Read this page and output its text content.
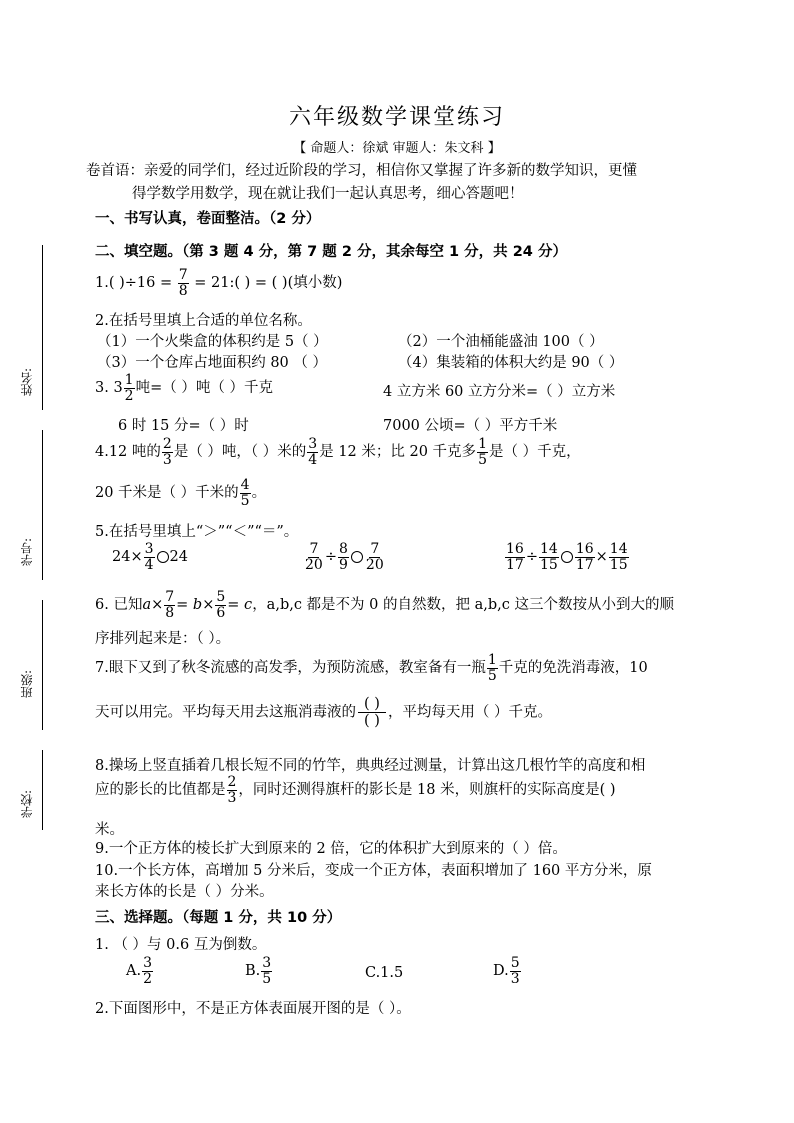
姓名:
学号:
班级:
学校:
六年级数学课堂练习
【 命题人：徐斌 审题人：朱文科 】
卷首语：亲爱的同学们，经过近阶段的学习，相信你又掌握了许多新的数学知识，更懂
得学数学用数学，现在就让我们一起认真思考，细心答题吧！
一、书写认真，卷面整洁。（2 分）
二、填空题。（第 3 题 4 分，第 7 题 2 分，其余每空 1 分，共 24 分）
1.( )$\div 16 = \frac{7}{8}$ = 21:( ) = ( )(填小数)
2.在括号里填上合适的单位名称。
（1）一个火柴盒的体积约是 5（ ）	（2）一个油桶能盛油 100（ ）
（3）一个仓库占地面积约 80 （ ）	（4）集装箱的体积大约是 90（ ）
3. $3 \frac{1}{2}$ 吨=（ ）吨（ ）千克	4 立方米 60 立方分米=（ ）立方米
6 时 15 分=（ ）时	7000 公顷=（ ）平方千米
4.12 吨的 $\frac{2}{3}$ 是（ ）吨，（ ）米的 $\frac{3}{4}$ 是 12 米；比 20 千克多 $\frac{1}{5}$ 是（ ）千克，
20 千米是（ ）千米的 $\frac{4}{5}$ 。
5.在括号里填上“＞”“＜”“＝”。
$24\times \frac{3}{4} 24$	$\frac{7}{20} \div \frac{8}{9} \frac{7}{20}$	$\frac{16}{17} \div \frac{14}{15} \frac{16}{17} \times \frac{14}{15}$
6. 已知$a\times \frac{7}{8} = b\times \frac{5}{6} = c$，a,b,c 都是不为 0 的自然数，把 a,b,c 这三个数按从小到大的顺
序排列起来是：（ ）。
7.眼下又到了秋冬流感的高发季，为预防流感，教室备有一瓶 $\frac{1}{5}$ 千克的免洗消毒液，10
天可以用完。平均每天用去这瓶消毒液的
( )
( )
，平均每天用（ ）千克。
8.操场上竖直插着几根长短不同的竹竿，典典经过测量，计算出这几根竹竿的高度和相
应的影长的比值都是 $\frac{2}{3}$ ，同时还测得旗杆的影长是 18 米，则旗杆的实际高度是( )
米。
9.一个正方体的棱长扩大到原来的 2 倍，它的体积扩大到原来的（ ）倍。
10.一个长方体，高增加 5 分米后，变成一个正方体，表面积增加了 160 平方分米，原
来长方体的长是（ ）分米。
三、选择题。（每题 1 分，共 10 分）
1. （ ）与 0.6 互为倒数。
A. $\frac{3}{2}$	B. $\frac{3}{5}$	C.1.5	D. $\frac{5}{3}$
2.下面图形中，不是正方体表面展开图的是（ ）。
